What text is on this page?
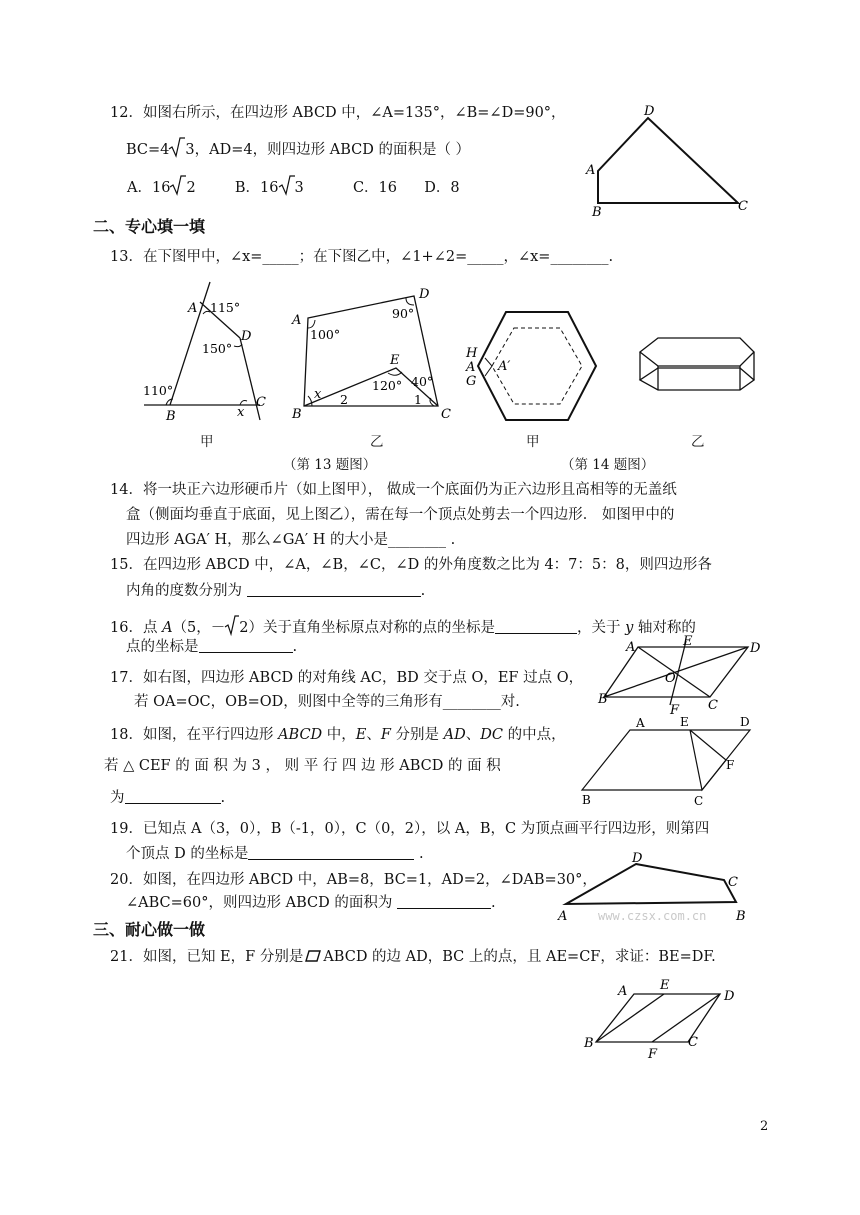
12．如图右所示，在四边形 ABCD 中，∠A=135°，∠B=∠D=90°，
BC=4 3，AD=4，则四边形 ABCD 的面积是（ ）
A．16 2	B．16 3	C．16 D．8
D
A
B	C
二、专心填一填
13．在下图甲中，∠x=_____；在下图乙中，∠1+∠2=_____，∠x=________.
A 115°
D
150°
110°
B	x
C
甲
A
100°
D
90°
E
120° 40°
x 2	1
B	C
乙
H
A
G
A′
甲	乙
（第 13 题图）	（第 14 题图）
14．将一块正六边形硬币片（如上图甲）， 做成一个底面仍为正六边形且高相等的无盖纸
盒（侧面均垂直于底面，见上图乙），需在每一个顶点处剪去一个四边形． 如图甲中的
四边形 AGA′ H，那么∠GA′ H 的大小是________ .
15．在四边形 ABCD 中，∠A，∠B，∠C，∠D 的外角度数之比为 4：7：5：8，则四边形各
内角的度数分别为	.
16．点 A（5，－ 2）关于直角坐标原点对称的点的坐标是	，关于 y 轴对称的
点的坐标是	.	A	E	D
O
B
F C
17．如右图，四边形 ABCD 的对角线 AC，BD 交于点 O，EF 过点 O，
若 OA=OC，OB=OD，则图中全等的三角形有________对.
18．如图，在平行四边形 ABCD 中，E、F 分别是 AD、DC 的中点，
若 △ CEF 的 面 积 为 3 ， 则 平 行 四 边 形 ABCD 的 面 积
为	.
A	E	D
F
B	C
19．已知点 A（3，0），B（-1，0），C（0，2），以 A，B，C 为顶点画平行四边形，则第四
个顶点 D 的坐标是	.	D
C
A	B
www.czsx.com.cn
20．如图，在四边形 ABCD 中，AB=8，BC=1，AD=2，∠DAB=30°，
∠ABC=60°，则四边形 ABCD 的面积为	.
三、耐心做一做
21．如图，已知 E，F 分别是 ABCD 的边 AD，BC 上的点，且 AE=CF，求证：BE=DF.
A	E
D
B
F
C
2
